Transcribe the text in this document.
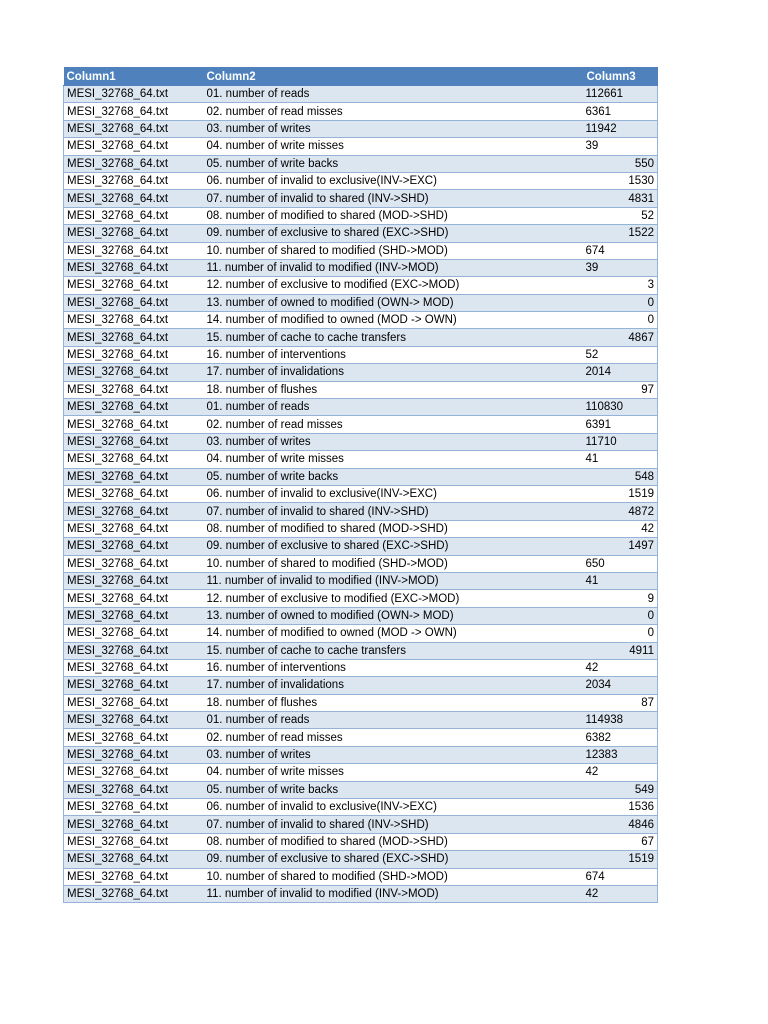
Column1	Column2	Column3
MESI_32768_64.txt	01. number of reads	112661
MESI_32768_64.txt	02. number of read misses	6361
MESI_32768_64.txt	03. number of writes	11942
MESI_32768_64.txt	04. number of write misses	39
MESI_32768_64.txt	05. number of write backs	550
MESI_32768_64.txt	06. number of invalid to exclusive(INV->EXC)	1530
MESI_32768_64.txt	07. number of invalid to shared (INV->SHD)	4831
MESI_32768_64.txt	08. number of modified to shared (MOD->SHD)	52
MESI_32768_64.txt	09. number of exclusive to shared (EXC->SHD)	1522
MESI_32768_64.txt	10. number of shared to modified (SHD->MOD)	674
MESI_32768_64.txt	11. number of invalid to modified (INV->MOD)	39
MESI_32768_64.txt	12. number of exclusive to modified (EXC->MOD)	3
MESI_32768_64.txt	13. number of owned to modified (OWN-> MOD)	0
MESI_32768_64.txt	14. number of modified to owned (MOD -> OWN)	0
MESI_32768_64.txt	15. number of cache to cache transfers	4867
MESI_32768_64.txt	16. number of interventions	52
MESI_32768_64.txt	17. number of invalidations	2014
MESI_32768_64.txt	18. number of flushes	97
MESI_32768_64.txt	01. number of reads	110830
MESI_32768_64.txt	02. number of read misses	6391
MESI_32768_64.txt	03. number of writes	11710
MESI_32768_64.txt	04. number of write misses	41
MESI_32768_64.txt	05. number of write backs	548
MESI_32768_64.txt	06. number of invalid to exclusive(INV->EXC)	1519
MESI_32768_64.txt	07. number of invalid to shared (INV->SHD)	4872
MESI_32768_64.txt	08. number of modified to shared (MOD->SHD)	42
MESI_32768_64.txt	09. number of exclusive to shared (EXC->SHD)	1497
MESI_32768_64.txt	10. number of shared to modified (SHD->MOD)	650
MESI_32768_64.txt	11. number of invalid to modified (INV->MOD)	41
MESI_32768_64.txt	12. number of exclusive to modified (EXC->MOD)	9
MESI_32768_64.txt	13. number of owned to modified (OWN-> MOD)	0
MESI_32768_64.txt	14. number of modified to owned (MOD -> OWN)	0
MESI_32768_64.txt	15. number of cache to cache transfers	4911
MESI_32768_64.txt	16. number of interventions	42
MESI_32768_64.txt	17. number of invalidations	2034
MESI_32768_64.txt	18. number of flushes	87
MESI_32768_64.txt	01. number of reads	114938
MESI_32768_64.txt	02. number of read misses	6382
MESI_32768_64.txt	03. number of writes	12383
MESI_32768_64.txt	04. number of write misses	42
MESI_32768_64.txt	05. number of write backs	549
MESI_32768_64.txt	06. number of invalid to exclusive(INV->EXC)	1536
MESI_32768_64.txt	07. number of invalid to shared (INV->SHD)	4846
MESI_32768_64.txt	08. number of modified to shared (MOD->SHD)	67
MESI_32768_64.txt	09. number of exclusive to shared (EXC->SHD)	1519
MESI_32768_64.txt	10. number of shared to modified (SHD->MOD)	674
MESI_32768_64.txt	11. number of invalid to modified (INV->MOD)	42
